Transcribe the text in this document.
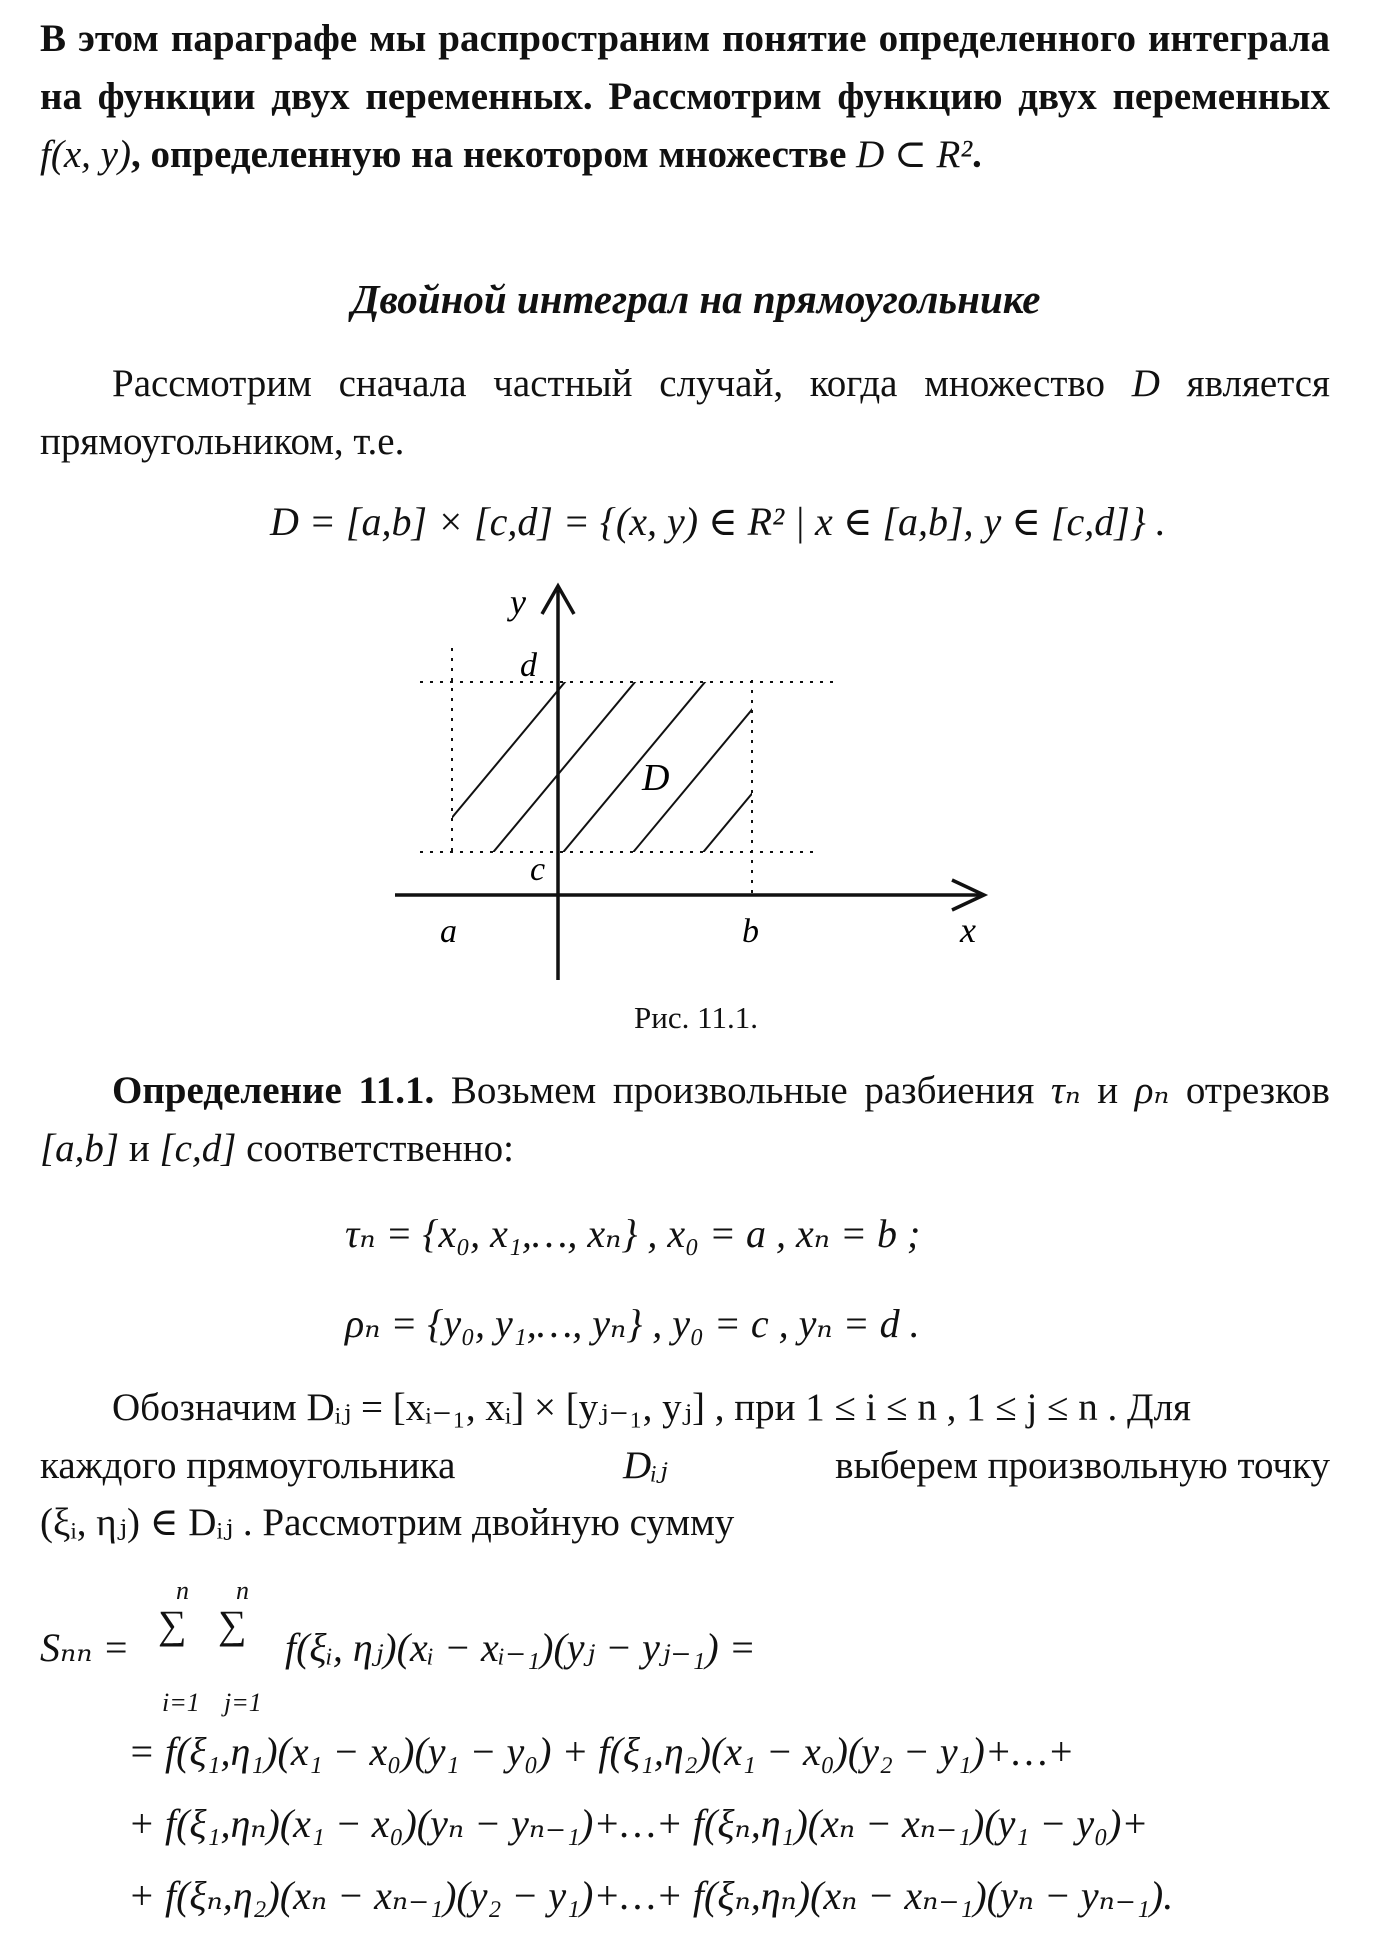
В этом параграфе мы распространим понятие определенного интеграла на функции двух переменных. Рассмотрим функцию двух переменных f(x, y), определенную на некотором множестве D ⊂ R².

Двойной интеграл на прямоугольнике

Рассмотрим сначала частный случай, когда множество D является прямоугольником, т.е.

D = [a,b] × [c,d] = {(x, y) ∈ R² | x ∈ [a,b], y ∈ [c,d]} .
y
x
a	b
c
d
D
Рис. 11.1.

Определение 11.1. Возьмем произвольные разбиения τₙ и ρₙ отрезков [a,b] и [c,d] соответственно:

τₙ = {x₀, x₁,…, xₙ} , x₀ = a , xₙ = b ;
ρₙ = {y₀, y₁,…, yₙ} , y₀ = c , yₙ = d .
Обозначим Dᵢⱼ = [xᵢ₋₁, xᵢ] × [yⱼ₋₁, yⱼ] , при 1 ≤ i ≤ n , 1 ≤ j ≤ n . Для
каждого прямоугольника	Dᵢⱼ	выберем произвольную точку
(ξᵢ, ηⱼ) ∈ Dᵢⱼ . Рассмотрим двойную сумму
Sₙₙ =
n n
∑ ∑
i=1 j=1
f(ξᵢ, ηⱼ)(xᵢ − xᵢ₋₁)(yⱼ − yⱼ₋₁) =
= f(ξ₁,η₁)(x₁ − x₀)(y₁ − y₀) + f(ξ₁,η₂)(x₁ − x₀)(y₂ − y₁)+…+
+ f(ξ₁,ηₙ)(x₁ − x₀)(yₙ − yₙ₋₁)+…+ f(ξₙ,η₁)(xₙ − xₙ₋₁)(y₁ − y₀)+
+ f(ξₙ,η₂)(xₙ − xₙ₋₁)(y₂ − y₁)+…+ f(ξₙ,ηₙ)(xₙ − xₙ₋₁)(yₙ − yₙ₋₁).
